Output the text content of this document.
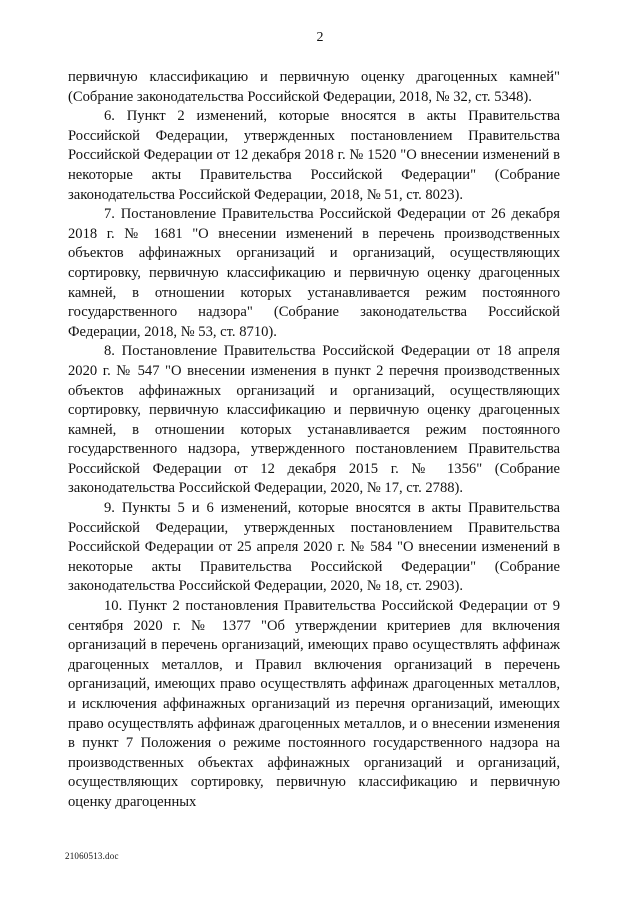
2

первичную классификацию и первичную оценку драгоценных камней" (Собрание законодательства Российской Федерации, 2018, № 32, ст. 5348).

6. Пункт 2 изменений, которые вносятся в акты Правительства Российской Федерации, утвержденных постановлением Правительства Российской Федерации от 12 декабря 2018 г. № 1520 "О внесении изменений в некоторые акты Правительства Российской Федерации" (Собрание законодательства Российской Федерации, 2018, № 51, ст. 8023).

7. Постановление Правительства Российской Федерации от 26 декабря 2018 г. № 1681 "О внесении изменений в перечень производственных объектов аффинажных организаций и организаций, осуществляющих сортировку, первичную классификацию и первичную оценку драгоценных камней, в отношении которых устанавливается режим постоянного государственного надзора" (Собрание законодательства Российской Федерации, 2018, № 53, ст. 8710).

8. Постановление Правительства Российской Федерации от 18 апреля 2020 г. № 547 "О внесении изменения в пункт 2 перечня производственных объектов аффинажных организаций и организаций, осуществляющих сортировку, первичную классификацию и первичную оценку драгоценных камней, в отношении которых устанавливается режим постоянного государственного надзора, утвержденного постановлением Правительства Российской Федерации от 12 декабря 2015 г. № 1356" (Собрание законодательства Российской Федерации, 2020, № 17, ст. 2788).

9. Пункты 5 и 6 изменений, которые вносятся в акты Правительства Российской Федерации, утвержденных постановлением Правительства Российской Федерации от 25 апреля 2020 г. № 584 "О внесении изменений в некоторые акты Правительства Российской Федерации" (Собрание законодательства Российской Федерации, 2020, № 18, ст. 2903).

10. Пункт 2 постановления Правительства Российской Федерации от 9 сентября 2020 г. № 1377 "Об утверждении критериев для включения организаций в перечень организаций, имеющих право осуществлять аффинаж драгоценных металлов, и Правил включения организаций в перечень организаций, имеющих право осуществлять аффинаж драгоценных металлов, и исключения аффинажных организаций из перечня организаций, имеющих право осуществлять аффинаж драгоценных металлов, и о внесении изменения в пункт 7 Положения о режиме постоянного государственного надзора на производственных объектах аффинажных организаций и организаций, осуществляющих сортировку, первичную классификацию и первичную оценку драгоценных

21060513.doc
